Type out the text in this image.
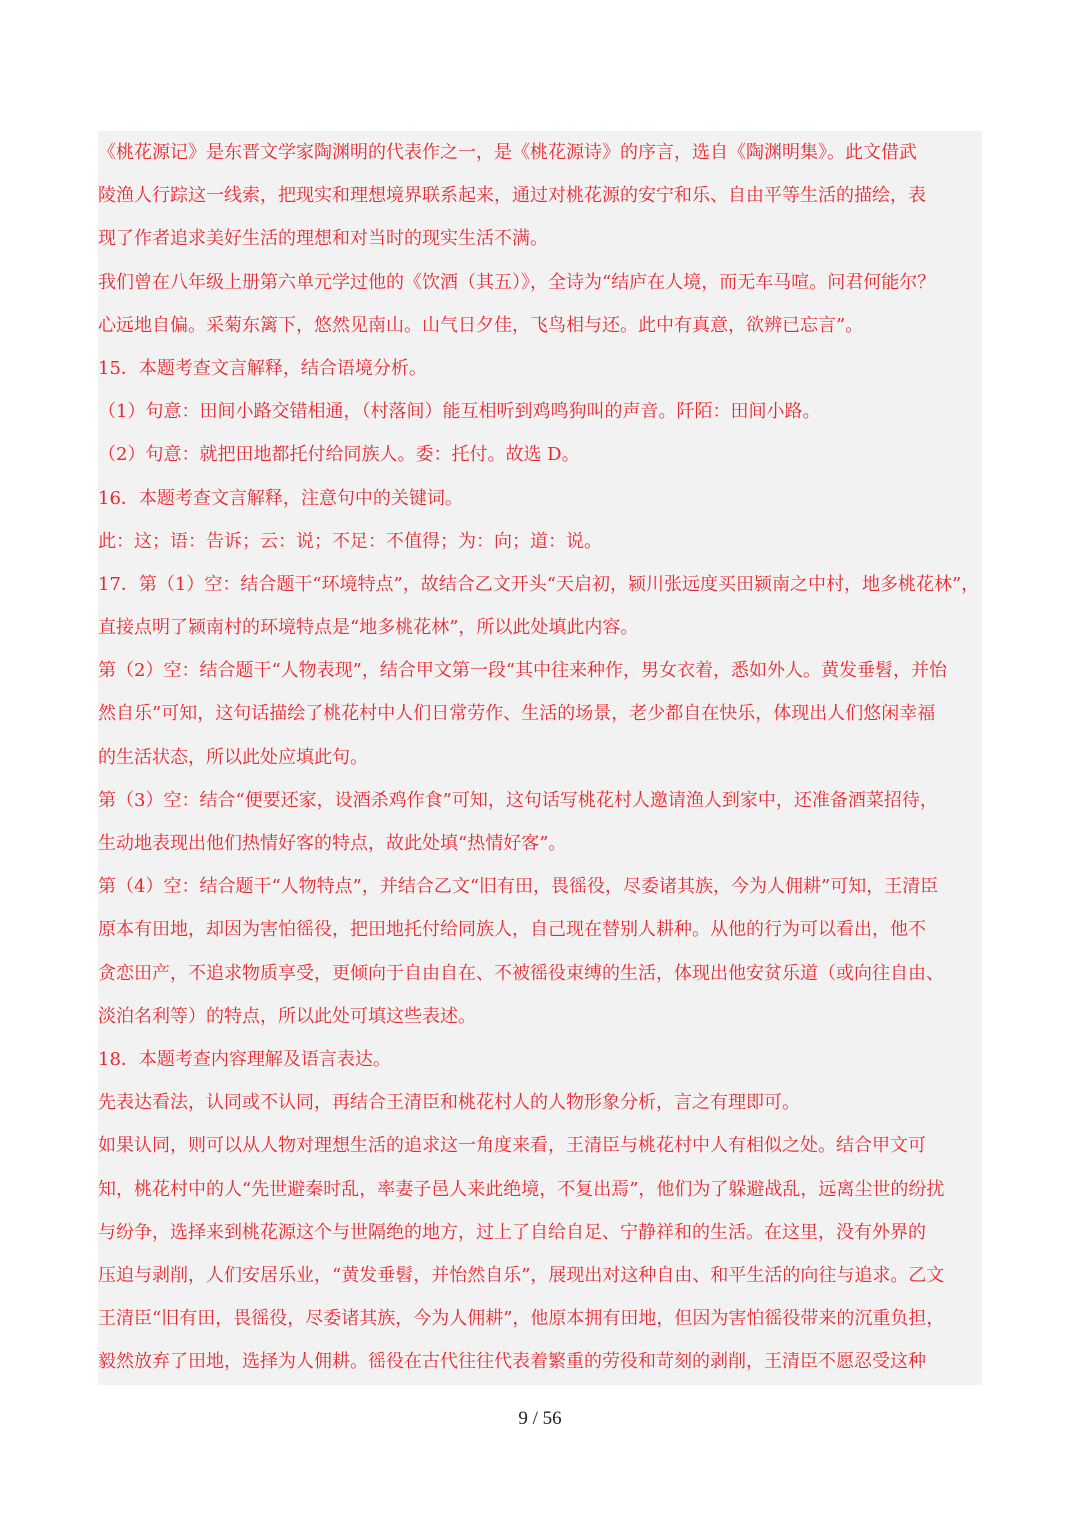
《桃花源记》是东晋文学家陶渊明的代表作之一，是《桃花源诗》的序言，选自《陶渊明集》。此文借武
陵渔人行踪这一线索，把现实和理想境界联系起来，通过对桃花源的安宁和乐、自由平等生活的描绘，表
现了作者追求美好生活的理想和对当时的现实生活不满。
我们曾在八年级上册第六单元学过他的《饮酒（其五）》，全诗为“结庐在人境，而无车马喧。问君何能尔？
心远地自偏。采菊东篱下，悠然见南山。山气日夕佳，飞鸟相与还。此中有真意，欲辨已忘言”。
15．本题考查文言解释，结合语境分析。
（1）句意：田间小路交错相通，（村落间）能互相听到鸡鸣狗叫的声音。阡陌：田间小路。
（2）句意：就把田地都托付给同族人。委：托付。故选 D。
16．本题考查文言解释，注意句中的关键词。
此：这；语：告诉；云：说；不足：不值得；为：向；道：说。
17．第（1）空：结合题干“环境特点”，故结合乙文开头“天启初，颍川张远度买田颍南之中村，地多桃花林”，
直接点明了颍南村的环境特点是“地多桃花林”，所以此处填此内容。
第（2）空：结合题干“人物表现”，结合甲文第一段“其中往来种作，男女衣着，悉如外人。黄发垂髫，并怡
然自乐”可知，这句话描绘了桃花村中人们日常劳作、生活的场景，老少都自在快乐，体现出人们悠闲幸福
的生活状态，所以此处应填此句。
第（3）空：结合“便要还家，设酒杀鸡作食”可知，这句话写桃花村人邀请渔人到家中，还准备酒菜招待，
生动地表现出他们热情好客的特点，故此处填“热情好客”。
第（4）空：结合题干“人物特点”，并结合乙文“旧有田，畏徭役，尽委诸其族，今为人佣耕”可知，王清臣
原本有田地，却因为害怕徭役，把田地托付给同族人，自己现在替别人耕种。从他的行为可以看出，他不
贪恋田产，不追求物质享受，更倾向于自由自在、不被徭役束缚的生活，体现出他安贫乐道（或向往自由、
淡泊名利等）的特点，所以此处可填这些表述。
18．本题考查内容理解及语言表达。
先表达看法，认同或不认同，再结合王清臣和桃花村人的人物形象分析，言之有理即可。
如果认同，则可以从人物对理想生活的追求这一角度来看，王清臣与桃花村中人有相似之处。结合甲文可
知，桃花村中的人“先世避秦时乱，率妻子邑人来此绝境，不复出焉”，他们为了躲避战乱，远离尘世的纷扰
与纷争，选择来到桃花源这个与世隔绝的地方，过上了自给自足、宁静祥和的生活。在这里，没有外界的
压迫与剥削，人们安居乐业，“黄发垂髫，并怡然自乐”，展现出对这种自由、和平生活的向往与追求。乙文
王清臣“旧有田，畏徭役，尽委诸其族，今为人佣耕”，他原本拥有田地，但因为害怕徭役带来的沉重负担，
毅然放弃了田地，选择为人佣耕。徭役在古代往往代表着繁重的劳役和苛刻的剥削，王清臣不愿忍受这种
9 / 56
